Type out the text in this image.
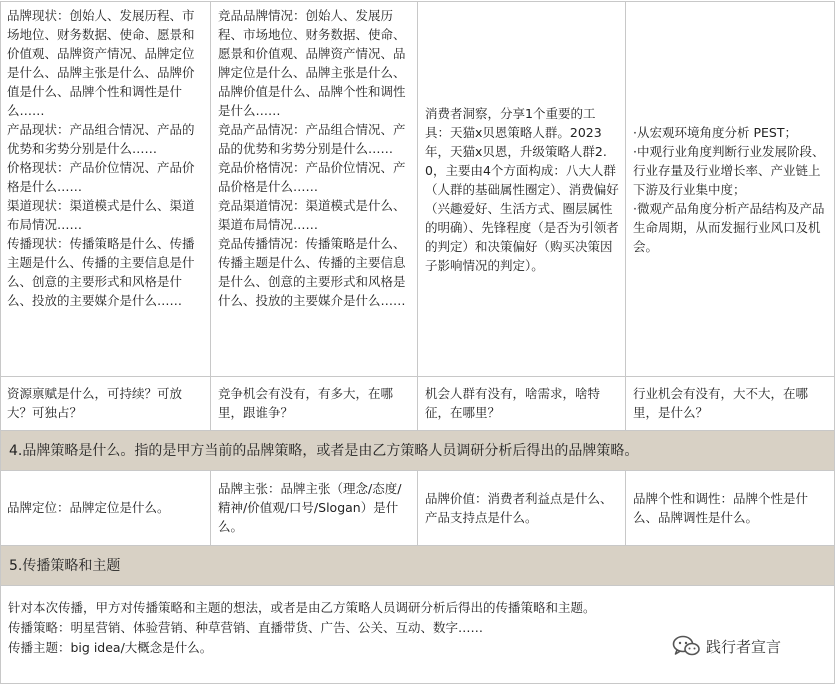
品牌现状：创始人、发展历程、市场地位、财务数据、使命、愿景和价值观、品牌资产情况、品牌定位是什么、品牌主张是什么、品牌价值是什么、品牌个性和调性是什么……
产品现状：产品组合情况、产品的优势和劣势分别是什么……
价格现状：产品价位情况、产品价格是什么……
渠道现状：渠道模式是什么、渠道布局情况……
传播现状：传播策略是什么、传播主题是什么、传播的主要信息是什么、创意的主要形式和风格是什么、投放的主要媒介是什么……
竞品品牌情况：创始人、发展历程、市场地位、财务数据、使命、愿景和价值观、品牌资产情况、品牌定位是什么、品牌主张是什么、品牌价值是什么、品牌个性和调性是什么……
竞品产品情况：产品组合情况、产品的优势和劣势分别是什么……
竞品价格情况：产品价位情况、产品价格是什么……
竞品渠道情况：渠道模式是什么、渠道布局情况……
竞品传播情况：传播策略是什么、传播主题是什么、传播的主要信息是什么、创意的主要形式和风格是什么、投放的主要媒介是什么……
消费者洞察，分享1个重要的工具：天猫x贝恩策略人群。2023年，天猫x贝恩，升级策略人群2.0，主要由4个方面构成：八大人群（人群的基础属性圈定）、消费偏好（兴趣爱好、生活方式、圈层属性的明确）、先锋程度（是否为引领者的判定）和决策偏好（购买决策因子影响情况的判定）。
·从宏观环境角度分析 PEST；
·中观行业角度判断行业发展阶段、行业存量及行业增长率、产业链上下游及行业集中度；
·微观产品角度分析产品结构及产品生命周期，从而发掘行业风口及机会。
资源禀赋是什么，可持续？可放大？可独占？
竞争机会有没有，有多大，在哪里，跟谁争？
机会人群有没有，啥需求，啥特征，在哪里？
行业机会有没有，大不大，在哪里，是什么？
4.品牌策略是什么。指的是甲方当前的品牌策略，或者是由乙方策略人员调研分析后得出的品牌策略。
品牌定位：品牌定位是什么。
品牌主张：品牌主张（理念/态度/精神/价值观/口号/Slogan）是什么。
品牌价值：消费者利益点是什么、产品支持点是什么。
品牌个性和调性：品牌个性是什么、品牌调性是什么。
5.传播策略和主题
针对本次传播，甲方对传播策略和主题的想法，或者是由乙方策略人员调研分析后得出的传播策略和主题。
传播策略：明星营销、体验营销、种草营销、直播带货、广告、公关、互动、数字……
传播主题：big idea/大概念是什么。	践行者宣言
